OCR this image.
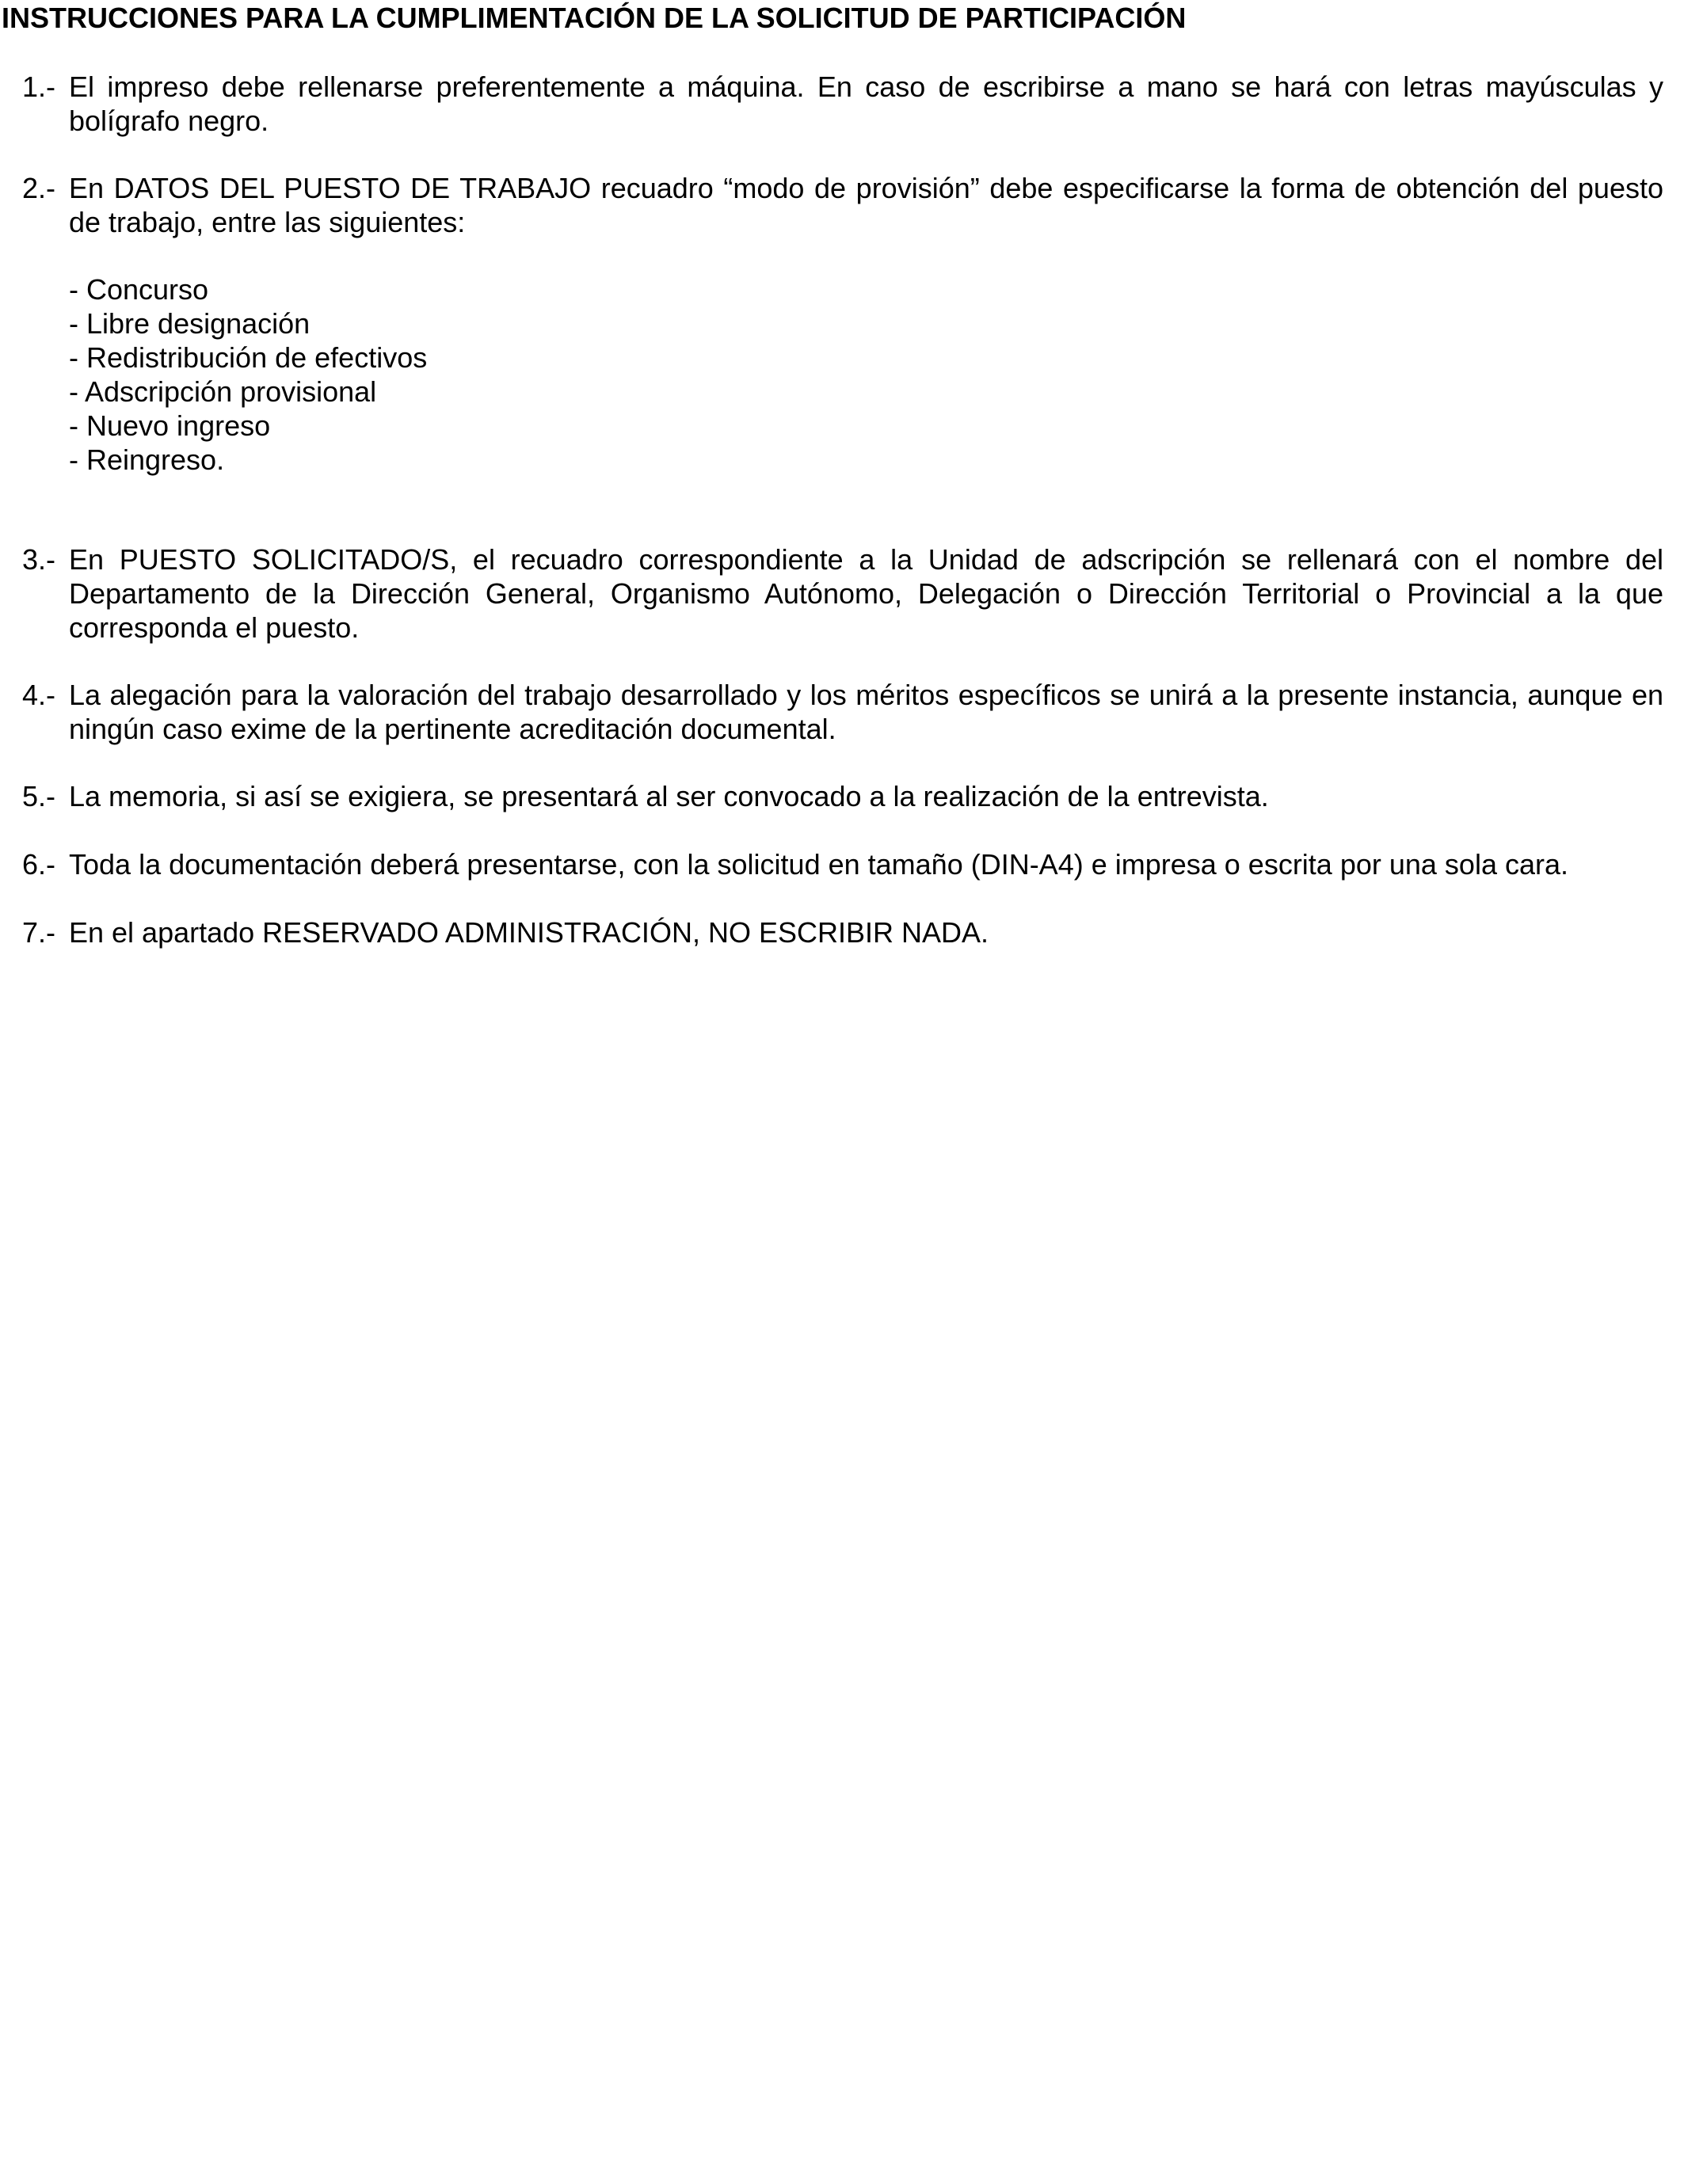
INSTRUCCIONES PARA LA CUMPLIMENTACIÓN DE LA SOLICITUD DE PARTICIPACIÓN
1.- El impreso debe rellenarse preferentemente a máquina. En caso de escribirse a mano se hará con letras mayúsculas y bolígrafo negro.
2.- En DATOS DEL PUESTO DE TRABAJO recuadro “modo de provisión” debe especificarse la forma de obtención del puesto de trabajo, entre las siguientes:
- Concurso
- Libre designación
- Redistribución de efectivos
- Adscripción provisional
- Nuevo ingreso
- Reingreso.
3.- En PUESTO SOLICITADO/S, el recuadro correspondiente a la Unidad de adscripción se rellenará con el nombre del Departamento de la Dirección General, Organismo Autónomo, Delegación o Dirección Territorial o Provincial a la que corresponda el puesto.
4.- La alegación para la valoración del trabajo desarrollado y los méritos específicos se unirá a la presente instancia, aunque en ningún caso exime de la pertinente acreditación documental.
5.- La memoria, si así se exigiera, se presentará al ser convocado a la realización de la entrevista.
6.- Toda la documentación deberá presentarse, con la solicitud en tamaño (DIN-A4) e impresa o escrita por una sola cara.
7.- En el apartado RESERVADO ADMINISTRACIÓN, NO ESCRIBIR NADA.
